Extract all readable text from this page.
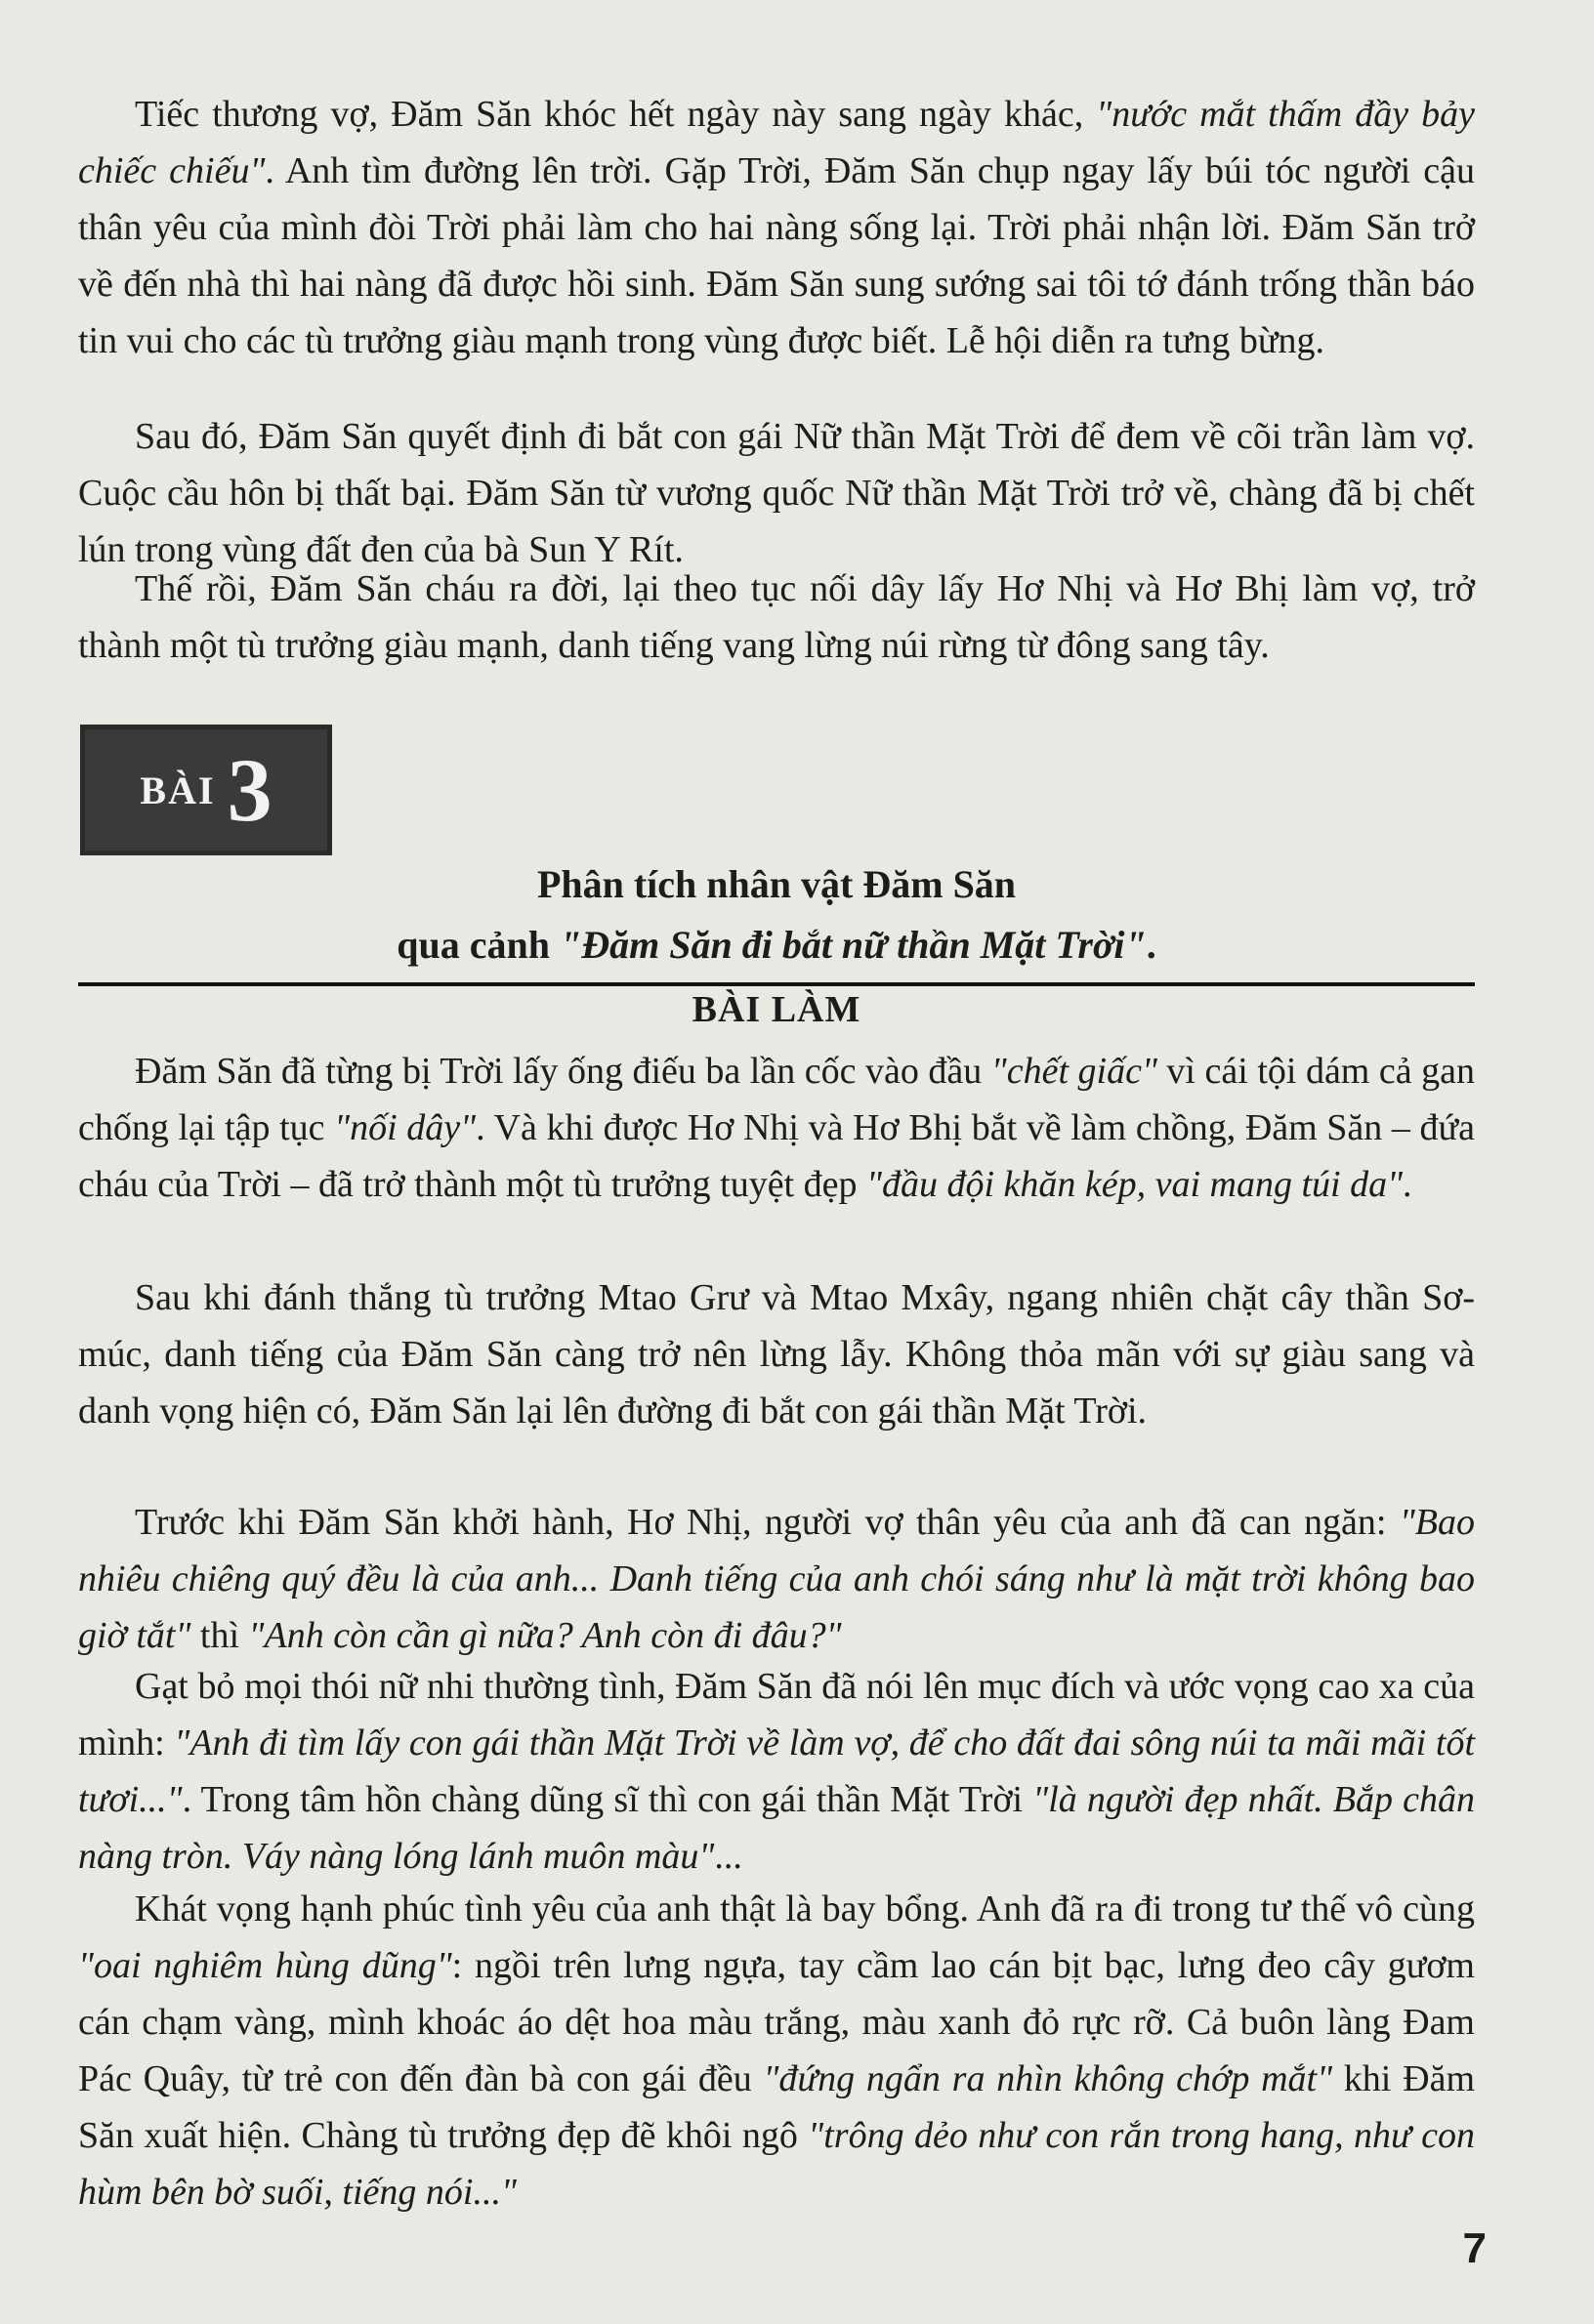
Tiếc thương vợ, Đăm Săn khóc hết ngày này sang ngày khác, "nước mắt thấm đầy bảy chiếc chiếu". Anh tìm đường lên trời. Gặp Trời, Đăm Săn chụp ngay lấy búi tóc người cậu thân yêu của mình đòi Trời phải làm cho hai nàng sống lại. Trời phải nhận lời. Đăm Săn trở về đến nhà thì hai nàng đã được hồi sinh. Đăm Săn sung sướng sai tôi tớ đánh trống thần báo tin vui cho các tù trưởng giàu mạnh trong vùng được biết. Lễ hội diễn ra tưng bừng.

Sau đó, Đăm Săn quyết định đi bắt con gái Nữ thần Mặt Trời để đem về cõi trần làm vợ. Cuộc cầu hôn bị thất bại. Đăm Săn từ vương quốc Nữ thần Mặt Trời trở về, chàng đã bị chết lún trong vùng đất đen của bà Sun Y Rít.

Thế rồi, Đăm Săn cháu ra đời, lại theo tục nối dây lấy Hơ Nhị và Hơ Bhị làm vợ, trở thành một tù trưởng giàu mạnh, danh tiếng vang lừng núi rừng từ đông sang tây.

BÀI 3

Phân tích nhân vật Đăm Săn

qua cảnh "Đăm Săn đi bắt nữ thần Mặt Trời".

BÀI LÀM

Đăm Săn đã từng bị Trời lấy ống điếu ba lần cốc vào đầu "chết giấc" vì cái tội dám cả gan chống lại tập tục "nối dây". Và khi được Hơ Nhị và Hơ Bhị bắt về làm chồng, Đăm Săn – đứa cháu của Trời – đã trở thành một tù trưởng tuyệt đẹp "đầu đội khăn kép, vai mang túi da".

Sau khi đánh thắng tù trưởng Mtao Grư và Mtao Mxây, ngang nhiên chặt cây thần Sơ-múc, danh tiếng của Đăm Săn càng trở nên lừng lẫy. Không thỏa mãn với sự giàu sang và danh vọng hiện có, Đăm Săn lại lên đường đi bắt con gái thần Mặt Trời.

Trước khi Đăm Săn khởi hành, Hơ Nhị, người vợ thân yêu của anh đã can ngăn: "Bao nhiêu chiêng quý đều là của anh... Danh tiếng của anh chói sáng như là mặt trời không bao giờ tắt" thì "Anh còn cần gì nữa? Anh còn đi đâu?"

Gạt bỏ mọi thói nữ nhi thường tình, Đăm Săn đã nói lên mục đích và ước vọng cao xa của mình: "Anh đi tìm lấy con gái thần Mặt Trời về làm vợ, để cho đất đai sông núi ta mãi mãi tốt tươi...". Trong tâm hồn chàng dũng sĩ thì con gái thần Mặt Trời "là người đẹp nhất. Bắp chân nàng tròn. Váy nàng lóng lánh muôn màu"...

Khát vọng hạnh phúc tình yêu của anh thật là bay bổng. Anh đã ra đi trong tư thế vô cùng "oai nghiêm hùng dũng": ngồi trên lưng ngựa, tay cầm lao cán bịt bạc, lưng đeo cây gươm cán chạm vàng, mình khoác áo dệt hoa màu trắng, màu xanh đỏ rực rỡ. Cả buôn làng Đam Pác Quây, từ trẻ con đến đàn bà con gái đều "đứng ngẩn ra nhìn không chớp mắt" khi Đăm Săn xuất hiện. Chàng tù trưởng đẹp đẽ khôi ngô "trông dẻo như con rắn trong hang, như con hùm bên bờ suối, tiếng nói..."

7
